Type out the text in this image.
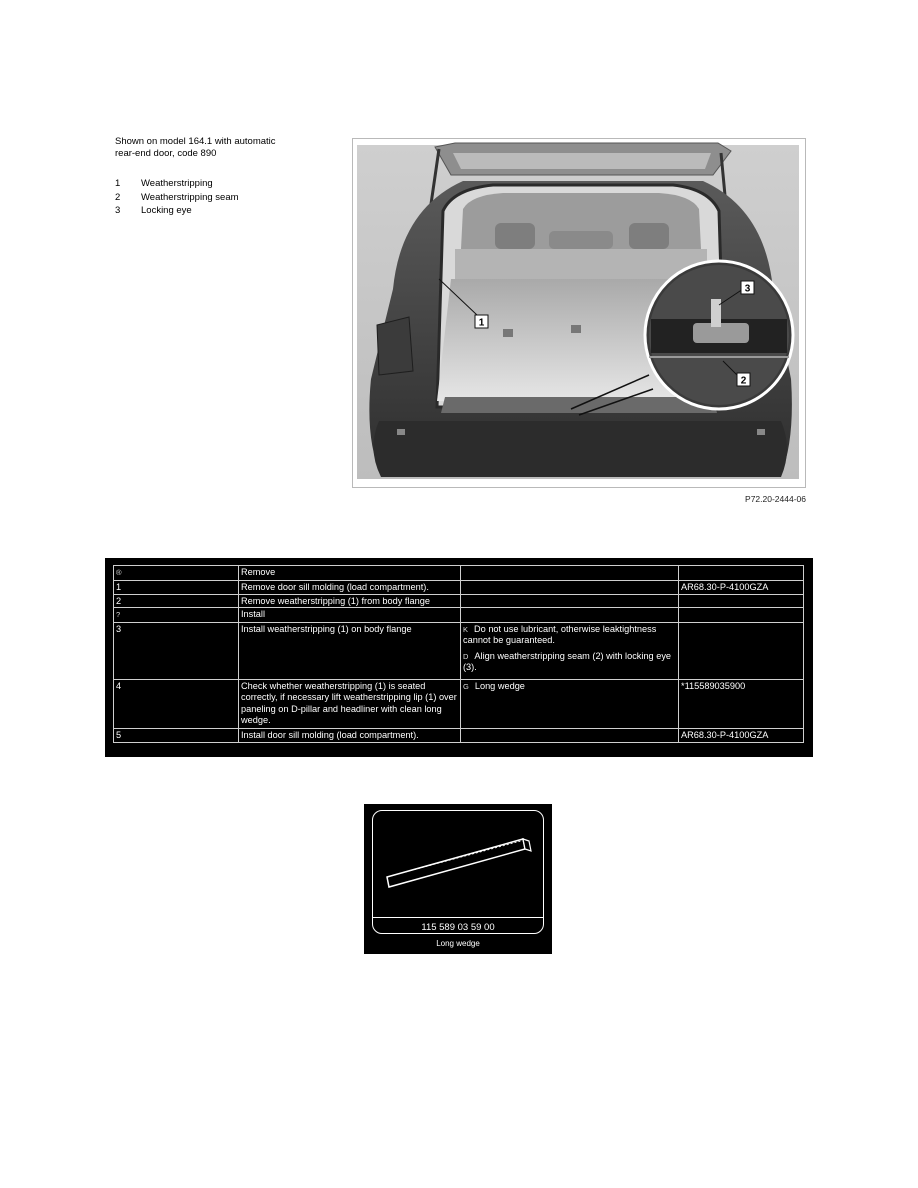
Shown on model 164.1 with automatic
rear-end door, code 890
1	Weatherstripping
2	Weatherstripping seam
3	Locking eye
1
3
2
P72.20-2444-06
®	Remove		
1	Remove door sill molding (load compartment).		AR68.30-P-4100GZA

2	Remove weatherstripping (1) from body flange		

?	Install		
3	Install weatherstripping (1) on body flange	K Do not use lubricant, otherwise leaktightness cannot be guaranteed.
D Align weatherstripping seam (2) with locking eye (3).	

4	Check whether weatherstripping (1) is seated correctly, if necessary lift weatherstripping lip (1) over paneling on D-pillar and headliner with clean long wedge.	G Long wedge	*115589035900
5	Install door sill molding (load compartment).		AR68.30-P-4100GZA
115 589 03 59 00
Long wedge
